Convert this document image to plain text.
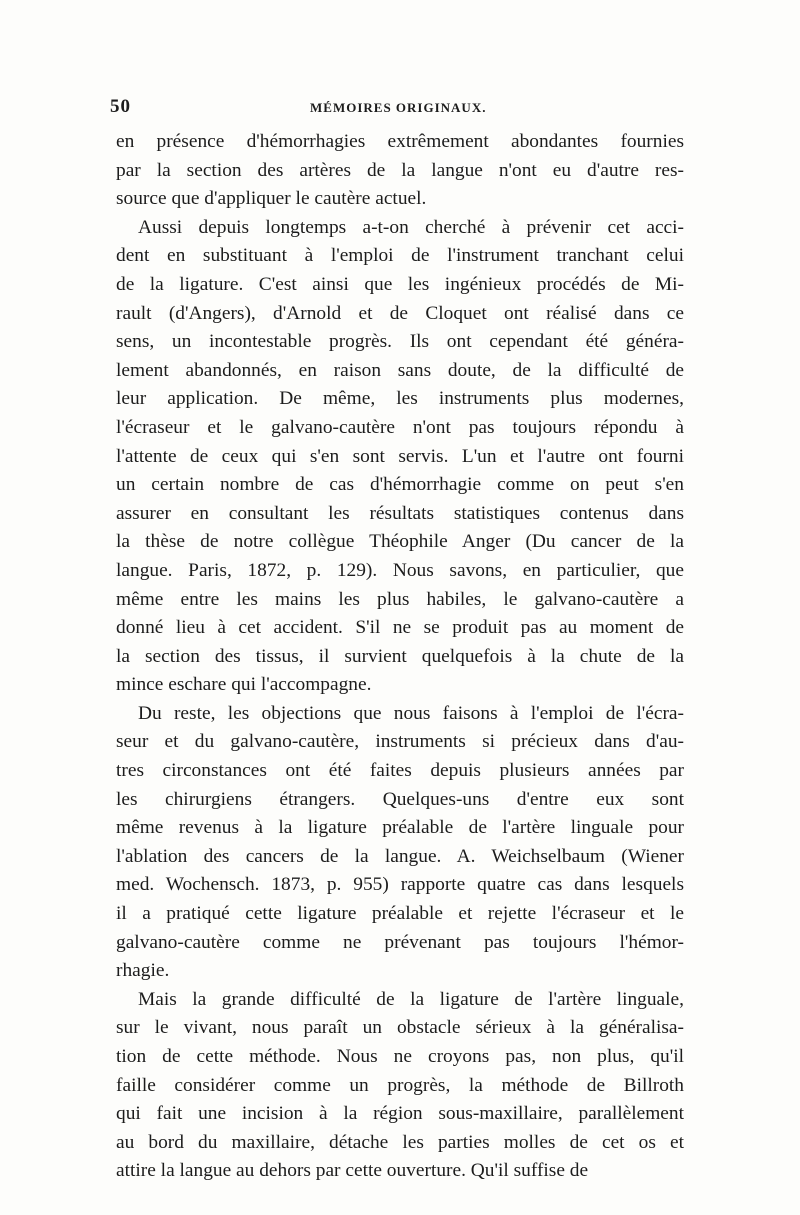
50	MÉMOIRES ORIGINAUX.
en présence d'hémorrhagies extrêmement abondantes fournies
par la section des artères de la langue n'ont eu d'autre res-
source que d'appliquer le cautère actuel.
Aussi depuis longtemps a-t-on cherché à prévenir cet acci-
dent en substituant à l'emploi de l'instrument tranchant celui
de la ligature. C'est ainsi que les ingénieux procédés de Mi-
rault (d'Angers), d'Arnold et de Cloquet ont réalisé dans ce
sens, un incontestable progrès. Ils ont cependant été généra-
lement abandonnés, en raison sans doute, de la difficulté de
leur application. De même, les instruments plus modernes,
l'écraseur et le galvano-cautère n'ont pas toujours répondu à
l'attente de ceux qui s'en sont servis. L'un et l'autre ont fourni
un certain nombre de cas d'hémorrhagie comme on peut s'en
assurer en consultant les résultats statistiques contenus dans
la thèse de notre collègue Théophile Anger (Du cancer de la
langue. Paris, 1872, p. 129). Nous savons, en particulier, que
même entre les mains les plus habiles, le galvano-cautère a
donné lieu à cet accident. S'il ne se produit pas au moment de
la section des tissus, il survient quelquefois à la chute de la
mince eschare qui l'accompagne.
Du reste, les objections que nous faisons à l'emploi de l'écra-
seur et du galvano-cautère, instruments si précieux dans d'au-
tres circonstances ont été faites depuis plusieurs années par
les chirurgiens étrangers. Quelques-uns d'entre eux sont
même revenus à la ligature préalable de l'artère linguale pour
l'ablation des cancers de la langue. A. Weichselbaum (Wiener
med. Wochensch. 1873, p. 955) rapporte quatre cas dans lesquels
il a pratiqué cette ligature préalable et rejette l'écraseur et le
galvano-cautère comme ne prévenant pas toujours l'hémor-
rhagie.
Mais la grande difficulté de la ligature de l'artère linguale,
sur le vivant, nous paraît un obstacle sérieux à la généralisa-
tion de cette méthode. Nous ne croyons pas, non plus, qu'il
faille considérer comme un progrès, la méthode de Billroth
qui fait une incision à la région sous-maxillaire, parallèlement
au bord du maxillaire, détache les parties molles de cet os et
attire la langue au dehors par cette ouverture. Qu'il suffise de
